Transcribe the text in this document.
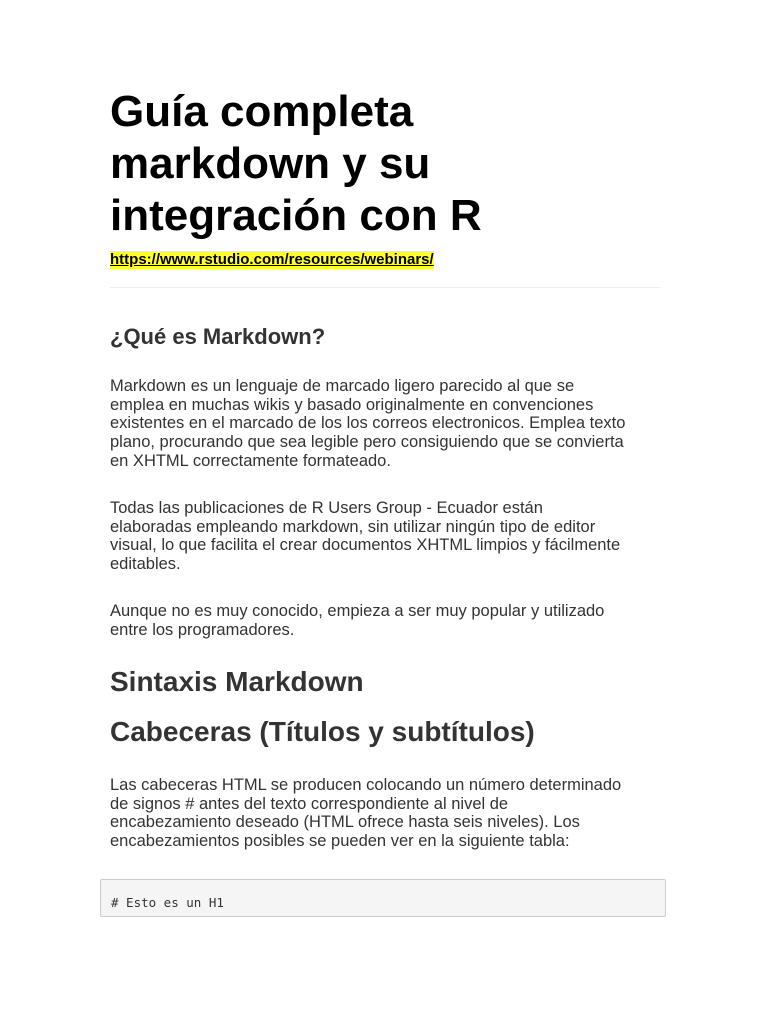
Guía completa
markdown y su
integración con R
https://www.rstudio.com/resources/webinars/
¿Qué es Markdown?

Markdown es un lenguaje de marcado ligero parecido al que se
emplea en muchas wikis y basado originalmente en convenciones
existentes en el marcado de los los correos electronicos. Emplea texto
plano, procurando que sea legible pero consiguiendo que se convierta
en XHTML correctamente formateado.

Todas las publicaciones de R Users Group - Ecuador están
elaboradas empleando markdown, sin utilizar ningún tipo de editor
visual, lo que facilita el crear documentos XHTML limpios y fácilmente
editables.

Aunque no es muy conocido, empieza a ser muy popular y utilizado
entre los programadores.

Sintaxis Markdown
Cabeceras (Títulos y subtítulos)

Las cabeceras HTML se producen colocando un número determinado
de signos # antes del texto correspondiente al nivel de
encabezamiento deseado (HTML ofrece hasta seis niveles). Los
encabezamientos posibles se pueden ver en la siguiente tabla:

# Esto es un H1
